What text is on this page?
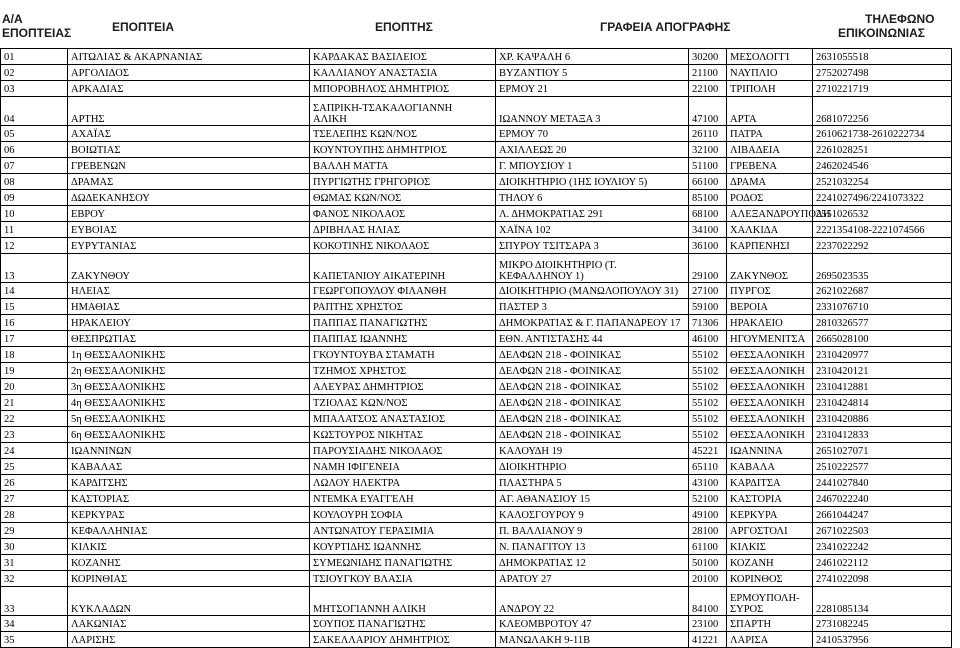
Α/Α
ΕΠΟΠΤΕΙΑΣ	ΕΠΟΠΤΕΙΑ	ΕΠΟΠΤΗΣ	ΓΡΑΦΕΙΑ ΑΠΟΓΡΑΦΗΣ
ΤΗΛΕΦΩΝΟ
ΕΠΙΚΟΙΝΩΝΙΑΣ
01	ΑΙΤΩΛΙΑΣ & ΑΚΑΡΝΑΝΙΑΣ	ΚΑΡΔΑΚΑΣ ΒΑΣΙΛΕΙΟΣ	ΧΡ. ΚΑΨΑΛΗ 6	30200	ΜΕΣΟΛΟΓΓΙ	2631055518
02	ΑΡΓΟΛΙΔΟΣ	ΚΑΛΛΙΑΝΟΥ ΑΝΑΣΤΑΣΙΑ	ΒΥΖΑΝΤΙΟΥ 5	21100	ΝΑΥΠΛΙΟ	2752027498
03	ΑΡΚΑΔΙΑΣ	ΜΠΟΡΟΒΗΛΟΣ ΔΗΜΗΤΡΙΟΣ	ΕΡΜΟΥ 21	22100	ΤΡΙΠΟΛΗ	2710221719
04	ΑΡΤΗΣ	ΣΑΠΡΙΚΗ-ΤΣΑΚΑΛΟΓΙΑΝΝΗ
ΑΛΙΚΗ	ΙΩΑΝΝΟΥ ΜΕΤΑΞΑ 3	47100	ΑΡΤΑ	2681072256
05	ΑΧΑΪΑΣ	ΤΣΕΛΕΠΗΣ ΚΩΝ/ΝΟΣ	ΕΡΜΟΥ 70	26110	ΠΑΤΡΑ	2610621738-2610222734
06	ΒΟΙΩΤΙΑΣ	ΚΟΥΝΤΟΥΠΗΣ ΔΗΜΗΤΡΙΟΣ	ΑΧΙΛΛΕΩΣ 20	32100	ΛΙΒΑΔΕΙΑ	2261028251
07	ΓΡΕΒΕΝΩΝ	ΒΑΛΛΗ ΜΑΤΤΑ	Γ. ΜΠΟΥΣΙΟΥ 1	51100	ΓΡΕΒΕΝΑ	2462024546
08	ΔΡΑΜΑΣ	ΠΥΡΓΙΩΤΗΣ ΓΡΗΓΟΡΙΟΣ	ΔΙΟΙΚΗΤΗΡΙΟ (1ΗΣ ΙΟΥΛΙΟΥ 5)	66100	ΔΡΑΜΑ	2521032254
09	ΔΩΔΕΚΑΝΗΣΟΥ	ΘΩΜΑΣ ΚΩΝ/ΝΟΣ	ΤΗΛΟΥ 6	85100	ΡΟΔΟΣ	2241027496/2241073322
10	ΕΒΡΟΥ	ΦΑΝΟΣ ΝΙΚΟΛΑΟΣ	Λ. ΔΗΜΟΚΡΑΤΙΑΣ 291	68100	ΑΛΕΞΑΝΔΡΟΥΠΟΛΗ	2551026532
11	ΕΥΒΟΙΑΣ	ΔΡΙΒΗΛΑΣ ΗΛΙΑΣ	ΧΑΪΝΑ 102	34100	ΧΑΛΚΙΔΑ	2221354108-2221074566
12	ΕΥΡΥΤΑΝΙΑΣ	ΚΟΚΟΤΙΝΗΣ ΝΙΚΟΛΑΟΣ	ΣΠΥΡΟΥ ΤΣΙΤΣΑΡΑ 3	36100	ΚΑΡΠΕΝΗΣΙ	2237022292
13	ΖΑΚΥΝΘΟΥ	ΚΑΠΕΤΑΝΙΟΥ ΑΙΚΑΤΕΡΙΝΗ	ΜΙΚΡΟ ΔΙΟΙΚΗΤΗΡΙΟ (Τ.
ΚΕΦΑΛΛΗΝΟΥ 1)	29100	ΖΑΚΥΝΘΟΣ	2695023535
14	ΗΛΕΙΑΣ	ΓΕΩΡΓΟΠΟΥΛΟΥ ΦΙΛΑΝΘΗ	ΔΙΟΙΚΗΤΗΡΙΟ (ΜΑΝΩΛΟΠΟΥΛΟΥ 31)	27100	ΠΥΡΓΟΣ	2621022687
15	ΗΜΑΘΙΑΣ	ΡΑΠΤΗΣ ΧΡΗΣΤΟΣ	ΠΑΣΤΕΡ 3	59100	ΒΕΡΟΙΑ	2331076710
16	ΗΡΑΚΛΕΙΟΥ	ΠΑΠΠΑΣ ΠΑΝΑΓΙΩΤΗΣ	ΔΗΜΟΚΡΑΤΙΑΣ & Γ. ΠΑΠΑΝΔΡΕΟΥ 17	71306	ΗΡΑΚΛΕΙΟ	2810326577
17	ΘΕΣΠΡΩΤΙΑΣ	ΠΑΠΠΑΣ ΙΩΑΝΝΗΣ	ΕΘΝ. ΑΝΤΙΣΤΑΣΗΣ 44	46100	ΗΓΟΥΜΕΝΙΤΣΑ	2665028100
18	1η ΘΕΣΣΑΛΟΝΙΚΗΣ	ΓΚΟΥΝΤΟΥΒΑ ΣΤΑΜΑΤΗ	ΔΕΛΦΩΝ 218 - ΦΟΙΝΙΚΑΣ	55102	ΘΕΣΣΑΛΟΝΙΚΗ	2310420977
19	2η ΘΕΣΣΑΛΟΝΙΚΗΣ	ΤΖΗΜΟΣ ΧΡΗΣΤΟΣ	ΔΕΛΦΩΝ 218 - ΦΟΙΝΙΚΑΣ	55102	ΘΕΣΣΑΛΟΝΙΚΗ	2310420121
20	3η ΘΕΣΣΑΛΟΝΙΚΗΣ	ΑΛΕΥΡΑΣ ΔΗΜΗΤΡΙΟΣ	ΔΕΛΦΩΝ 218 - ΦΟΙΝΙΚΑΣ	55102	ΘΕΣΣΑΛΟΝΙΚΗ	2310412881
21	4η ΘΕΣΣΑΛΟΝΙΚΗΣ	ΤΖΙΟΛΑΣ ΚΩΝ/ΝΟΣ	ΔΕΛΦΩΝ 218 - ΦΟΙΝΙΚΑΣ	55102	ΘΕΣΣΑΛΟΝΙΚΗ	2310424814
22	5η ΘΕΣΣΑΛΟΝΙΚΗΣ	ΜΠΑΛΑΤΣΟΣ ΑΝΑΣΤΑΣΙΟΣ	ΔΕΛΦΩΝ 218 - ΦΟΙΝΙΚΑΣ	55102	ΘΕΣΣΑΛΟΝΙΚΗ	2310420886
23	6η ΘΕΣΣΑΛΟΝΙΚΗΣ	ΚΩΣΤΟΥΡΟΣ ΝΙΚΗΤΑΣ	ΔΕΛΦΩΝ 218 - ΦΟΙΝΙΚΑΣ	55102	ΘΕΣΣΑΛΟΝΙΚΗ	2310412833
24	ΙΩΑΝΝΙΝΩΝ	ΠΑΡΟΥΣΙΑΔΗΣ ΝΙΚΟΛΑΟΣ	ΚΑΛΟΥΔΗ 19	45221	ΙΩΑΝΝΙΝΑ	2651027071
25	ΚΑΒΑΛΑΣ	ΝΑΜΗ ΙΦΙΓΕΝΕΙΑ	ΔΙΟΙΚΗΤΗΡΙΟ	65110	ΚΑΒΑΛΑ	2510222577
26	ΚΑΡΔΙΤΣΗΣ	ΛΩΛΟΥ ΗΛΕΚΤΡΑ	ΠΛΑΣΤΗΡΑ 5	43100	ΚΑΡΔΙΤΣΑ	2441027840
27	ΚΑΣΤΟΡΙΑΣ	ΝΤΕΜΚΑ ΕΥΑΓΓΕΛΗ	ΑΓ. ΑΘΑΝΑΣΙΟΥ 15	52100	ΚΑΣΤΟΡΙΑ	2467022240
28	ΚΕΡΚΥΡΑΣ	ΚΟΥΛΟΥΡΗ ΣΟΦΙΑ	ΚΑΛΟΣΓΟΥΡΟΥ 9	49100	ΚΕΡΚΥΡΑ	2661044247
29	ΚΕΦΑΛΛΗΝΙΑΣ	ΑΝΤΩΝΑΤΟΥ ΓΕΡΑΣΙΜΙΑ	Π. ΒΑΛΛΙΑΝΟΥ 9	28100	ΑΡΓΟΣΤΟΛΙ	2671022503
30	ΚΙΛΚΙΣ	ΚΟΥΡΤΙΔΗΣ ΙΩΑΝΝΗΣ	Ν. ΠΑΝΑΓΙΤΟΥ 13	61100	ΚΙΛΚΙΣ	2341022242
31	ΚΟΖΑΝΗΣ	ΣΥΜΕΩΝΙΔΗΣ ΠΑΝΑΓΙΩΤΗΣ	ΔΗΜΟΚΡΑΤΙΑΣ 12	50100	ΚΟΖΑΝΗ	2461022112
32	ΚΟΡΙΝΘΙΑΣ	ΤΣΙΟΥΓΚΟΥ ΒΛΑΣΙΑ	ΑΡΑΤΟΥ 27	20100	ΚΟΡΙΝΘΟΣ	2741022098
33	ΚΥΚΛΑΔΩΝ	ΜΗΤΣΟΓΙΑΝΝΗ ΑΛΙΚΗ	ΑΝΔΡΟΥ 22	84100	ΕΡΜΟΥΠΟΛΗ-
ΣΥΡΟΣ	2281085134
34	ΛΑΚΩΝΙΑΣ	ΣΟΥΠΟΣ ΠΑΝΑΓΙΩΤΗΣ	ΚΛΕΟΜΒΡΟΤΟΥ 47	23100	ΣΠΑΡΤΗ	2731082245
35	ΛΑΡΙΣΗΣ	ΣΑΚΕΛΛΑΡΙΟΥ ΔΗΜΗΤΡΙΟΣ	ΜΑΝΩΛΑΚΗ 9-11Β	41221	ΛΑΡΙΣΑ	2410537956
